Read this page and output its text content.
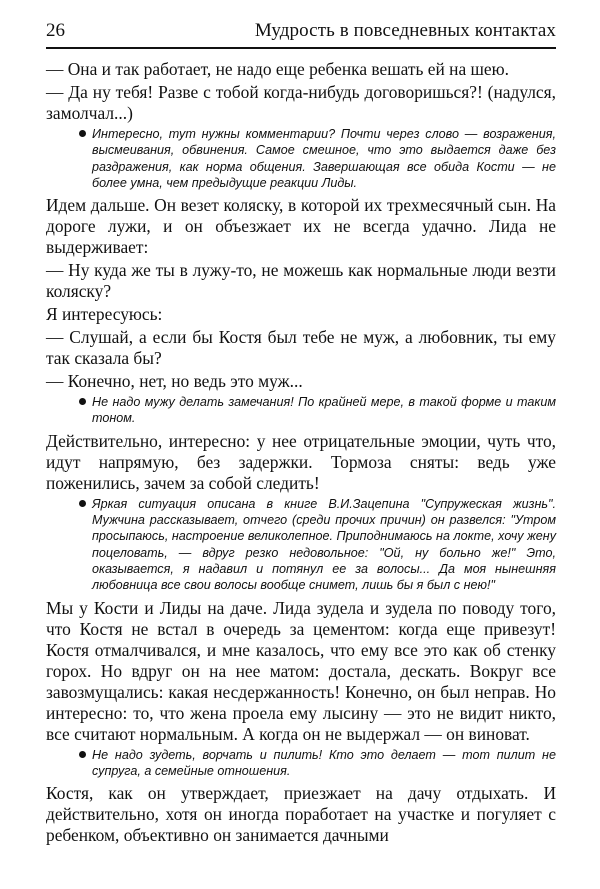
26	Мудрость в повседневных контактах

— Она и так работает, не надо еще ребенка вешать ей на шею.

— Да ну тебя! Разве с тобой когда-нибудь договоришься?! (надулся, замолчал...)

Интересно, тут нужны комментарии? Почти через слово — возражения, высмеивания, обвинения. Самое смешное, что это выдается даже без раздражения, как норма общения. Завершающая все обида Кости — не более умна, чем предыдущие реакции Лиды.

Идем дальше. Он везет коляску, в которой их трехмесячный сын. На дороге лужи, и он объезжает их не всегда удачно. Лида не выдерживает:

— Ну куда же ты в лужу-то, не можешь как нормальные люди везти коляску?

Я интересуюсь:

— Слушай, а если бы Костя был тебе не муж, а любовник, ты ему так сказала бы?

— Конечно, нет, но ведь это муж...

Не надо мужу делать замечания! По крайней мере, в такой форме и таким тоном.

Действительно, интересно: у нее отрицательные эмоции, чуть что, идут напрямую, без задержки. Тормоза сняты: ведь уже поженились, зачем за собой следить!

Яркая ситуация описана в книге В.И.Зацепина "Супружеская жизнь". Мужчина рассказывает, отчего (среди прочих причин) он развелся: "Утром просыпаюсь, настроение великолепное. Приподнимаюсь на локте, хочу жену поцеловать, — вдруг резко недовольное: "Ой, ну больно же!" Это, оказывается, я надавил и потянул ее за волосы... Да моя нынешняя любовница все свои волосы вообще снимет, лишь бы я был с нею!"

Мы у Кости и Лиды на даче. Лида зудела и зудела по поводу того, что Костя не встал в очередь за цементом: когда еще привезут! Костя отмалчивался, и мне казалось, что ему все это как об стенку горох. Но вдруг он на нее матом: достала, дескать. Вокруг все завозмущались: какая несдержанность! Конечно, он был неправ. Но интересно: то, что жена проела ему лысину — это не видит никто, все считают нормальным. А когда он не выдержал — он виноват.

Не надо зудеть, ворчать и пилить! Кто это делает — тот пилит не супруга, а семейные отношения.

Костя, как он утверждает, приезжает на дачу отдыхать. И действительно, хотя он иногда поработает на участке и погуляет с ребенком, объективно он занимается дачными
